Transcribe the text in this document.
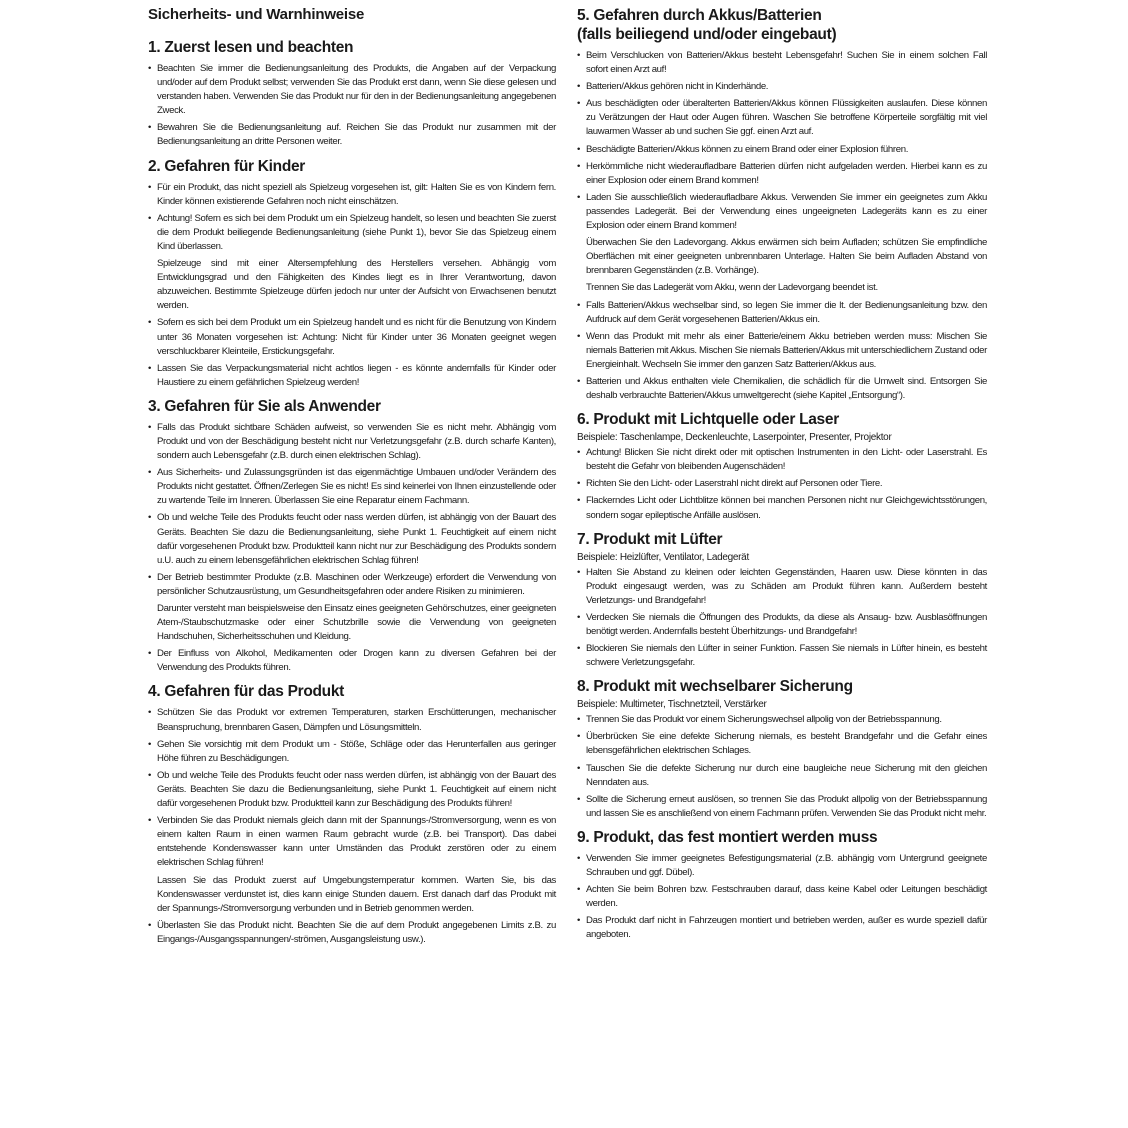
Sicherheits- und Warnhinweise
1. Zuerst lesen und beachten
• Beachten Sie immer die Bedienungsanleitung des Produkts, die Angaben auf der Verpackung und/oder auf dem Produkt selbst; verwenden Sie das Produkt erst dann, wenn Sie diese gelesen und verstanden haben. Verwenden Sie das Produkt nur für den in der Bedienungsanleitung angegebenen Zweck.
• Bewahren Sie die Bedienungsanleitung auf. Reichen Sie das Produkt nur zusammen mit der Bedienungsanleitung an dritte Personen weiter.
2. Gefahren für Kinder
• Für ein Produkt, das nicht speziell als Spielzeug vorgesehen ist, gilt: Halten Sie es von Kindern fern. Kinder können existierende Gefahren noch nicht einschätzen.
• Achtung! Sofern es sich bei dem Produkt um ein Spielzeug handelt, so lesen und beachten Sie zuerst die dem Produkt beiliegende Bedienungsanleitung (siehe Punkt 1), bevor Sie das Spielzeug einem Kind überlassen.
Spielzeuge sind mit einer Altersempfehlung des Herstellers versehen. Abhängig vom Entwicklungsgrad und den Fähigkeiten des Kindes liegt es in Ihrer Verantwortung, davon abzuweichen. Bestimmte Spielzeuge dürfen jedoch nur unter der Aufsicht von Erwachsenen benutzt werden.
• Sofern es sich bei dem Produkt um ein Spielzeug handelt und es nicht für die Benutzung von Kindern unter 36 Monaten vorgesehen ist: Achtung: Nicht für Kinder unter 36 Monaten geeignet wegen verschluckbarer Kleinteile, Erstickungsgefahr.
• Lassen Sie das Verpackungsmaterial nicht achtlos liegen - es könnte andernfalls für Kinder oder Haustiere zu einem gefährlichen Spielzeug werden!
3. Gefahren für Sie als Anwender
• Falls das Produkt sichtbare Schäden aufweist, so verwenden Sie es nicht mehr. Abhängig vom Produkt und von der Beschädigung besteht nicht nur Verletzungsgefahr (z.B. durch scharfe Kanten), sondern auch Lebensgefahr (z.B. durch einen elektrischen Schlag).
• Aus Sicherheits- und Zulassungsgründen ist das eigenmächtige Umbauen und/oder Verändern des Produkts nicht gestattet. Öffnen/Zerlegen Sie es nicht! Es sind keinerlei von Ihnen einzustellende oder zu wartende Teile im Inneren. Überlassen Sie eine Reparatur einem Fachmann.
• Ob und welche Teile des Produkts feucht oder nass werden dürfen, ist abhängig von der Bauart des Geräts. Beachten Sie dazu die Bedienungsanleitung, siehe Punkt 1. Feuchtigkeit auf einem nicht dafür vorgesehenen Produkt bzw. Produktteil kann nicht nur zur Beschädigung des Produkts sondern u.U. auch zu einem lebensgefährlichen elektrischen Schlag führen!
• Der Betrieb bestimmter Produkte (z.B. Maschinen oder Werkzeuge) erfordert die Verwendung von persönlicher Schutzausrüstung, um Gesundheitsgefahren oder andere Risiken zu minimieren.
Darunter versteht man beispielsweise den Einsatz eines geeigneten Gehörschutzes, einer geeigneten Atem-/Staubschutzmaske oder einer Schutzbrille sowie die Verwendung von geeigneten Handschuhen, Sicherheitsschuhen und Kleidung.
• Der Einfluss von Alkohol, Medikamenten oder Drogen kann zu diversen Gefahren bei der Verwendung des Produkts führen.
4. Gefahren für das Produkt
• Schützen Sie das Produkt vor extremen Temperaturen, starken Erschütterungen, mechanischer Beanspruchung, brennbaren Gasen, Dämpfen und Lösungsmitteln.
• Gehen Sie vorsichtig mit dem Produkt um - Stöße, Schläge oder das Herunterfallen aus geringer Höhe führen zu Beschädigungen.
• Ob und welche Teile des Produkts feucht oder nass werden dürfen, ist abhängig von der Bauart des Geräts. Beachten Sie dazu die Bedienungsanleitung, siehe Punkt 1. Feuchtigkeit auf einem nicht dafür vorgesehenen Produkt bzw. Produktteil kann zur Beschädigung des Produkts führen!
• Verbinden Sie das Produkt niemals gleich dann mit der Spannungs-/Stromversorgung, wenn es von einem kalten Raum in einen warmen Raum gebracht wurde (z.B. bei Transport). Das dabei entstehende Kondenswasser kann unter Umständen das Produkt zerstören oder zu einem elektrischen Schlag führen!
Lassen Sie das Produkt zuerst auf Umgebungstemperatur kommen. Warten Sie, bis das Kondenswasser verdunstet ist, dies kann einige Stunden dauern. Erst danach darf das Produkt mit der Spannungs-/Stromversorgung verbunden und in Betrieb genommen werden.
• Überlasten Sie das Produkt nicht. Beachten Sie die auf dem Produkt angegebenen Limits z.B. zu Eingangs-/Ausgangsspannungen/-strömen, Ausgangsleistung usw.).
5. Gefahren durch Akkus/Batterien
(falls beiliegend und/oder eingebaut)
• Beim Verschlucken von Batterien/Akkus besteht Lebensgefahr! Suchen Sie in einem solchen Fall sofort einen Arzt auf!
• Batterien/Akkus gehören nicht in Kinderhände.
• Aus beschädigten oder überalterten Batterien/Akkus können Flüssigkeiten auslaufen. Diese können zu Verätzungen der Haut oder Augen führen. Waschen Sie betroffene Körperteile sorgfältig mit viel lauwarmen Wasser ab und suchen Sie ggf. einen Arzt auf.
• Beschädigte Batterien/Akkus können zu einem Brand oder einer Explosion führen.
• Herkömmliche nicht wiederaufladbare Batterien dürfen nicht aufgeladen werden. Hierbei kann es zu einer Explosion oder einem Brand kommen!
• Laden Sie ausschließlich wiederaufladbare Akkus. Verwenden Sie immer ein geeignetes zum Akku passendes Ladegerät. Bei der Verwendung eines ungeeigneten Ladegeräts kann es zu einer Explosion oder einem Brand kommen!
Überwachen Sie den Ladevorgang. Akkus erwärmen sich beim Aufladen; schützen Sie empfindliche Oberflächen mit einer geeigneten unbrennbaren Unterlage. Halten Sie beim Aufladen Abstand von brennbaren Gegenständen (z.B. Vorhänge).
Trennen Sie das Ladegerät vom Akku, wenn der Ladevorgang beendet ist.
• Falls Batterien/Akkus wechselbar sind, so legen Sie immer die lt. der Bedienungsanleitung bzw. den Aufdruck auf dem Gerät vorgesehenen Batterien/Akkus ein.
• Wenn das Produkt mit mehr als einer Batterie/einem Akku betrieben werden muss: Mischen Sie niemals Batterien mit Akkus. Mischen Sie niemals Batterien/Akkus mit unterschiedlichem Zustand oder Energieinhalt. Wechseln Sie immer den ganzen Satz Batterien/Akkus aus.
• Batterien und Akkus enthalten viele Chemikalien, die schädlich für die Umwelt sind. Entsorgen Sie deshalb verbrauchte Batterien/Akkus umweltgerecht (siehe Kapitel „Entsorgung“).
6. Produkt mit Lichtquelle oder Laser
Beispiele: Taschenlampe, Deckenleuchte, Laserpointer, Presenter, Projektor
• Achtung! Blicken Sie nicht direkt oder mit optischen Instrumenten in den Licht- oder Laserstrahl. Es besteht die Gefahr von bleibenden Augenschäden!
• Richten Sie den Licht- oder Laserstrahl nicht direkt auf Personen oder Tiere.
• Flackerndes Licht oder Lichtblitze können bei manchen Personen nicht nur Gleichgewichtsstörungen, sondern sogar epileptische Anfälle auslösen.
7. Produkt mit Lüfter
Beispiele: Heizlüfter, Ventilator, Ladegerät
• Halten Sie Abstand zu kleinen oder leichten Gegenständen, Haaren usw. Diese könnten in das Produkt eingesaugt werden, was zu Schäden am Produkt führen kann. Außerdem besteht Verletzungs- und Brandgefahr!
• Verdecken Sie niemals die Öffnungen des Produkts, da diese als Ansaug- bzw. Ausblasöffnungen benötigt werden. Andernfalls besteht Überhitzungs- und Brandgefahr!
• Blockieren Sie niemals den Lüfter in seiner Funktion. Fassen Sie niemals in Lüfter hinein, es besteht schwere Verletzungsgefahr.
8. Produkt mit wechselbarer Sicherung
Beispiele: Multimeter, Tischnetzteil, Verstärker
• Trennen Sie das Produkt vor einem Sicherungswechsel allpolig von der Betriebsspannung.
• Überbrücken Sie eine defekte Sicherung niemals, es besteht Brandgefahr und die Gefahr eines lebensgefährlichen elektrischen Schlages.
• Tauschen Sie die defekte Sicherung nur durch eine baugleiche neue Sicherung mit den gleichen Nenndaten aus.
• Sollte die Sicherung erneut auslösen, so trennen Sie das Produkt allpolig von der Betriebsspannung und lassen Sie es anschließend von einem Fachmann prüfen. Verwenden Sie das Produkt nicht mehr.
9. Produkt, das fest montiert werden muss
• Verwenden Sie immer geeignetes Befestigungsmaterial (z.B. abhängig vom Untergrund geeignete Schrauben und ggf. Dübel).
• Achten Sie beim Bohren bzw. Festschrauben darauf, dass keine Kabel oder Leitungen beschädigt werden.
• Das Produkt darf nicht in Fahrzeugen montiert und betrieben werden, außer es wurde speziell dafür angeboten.
